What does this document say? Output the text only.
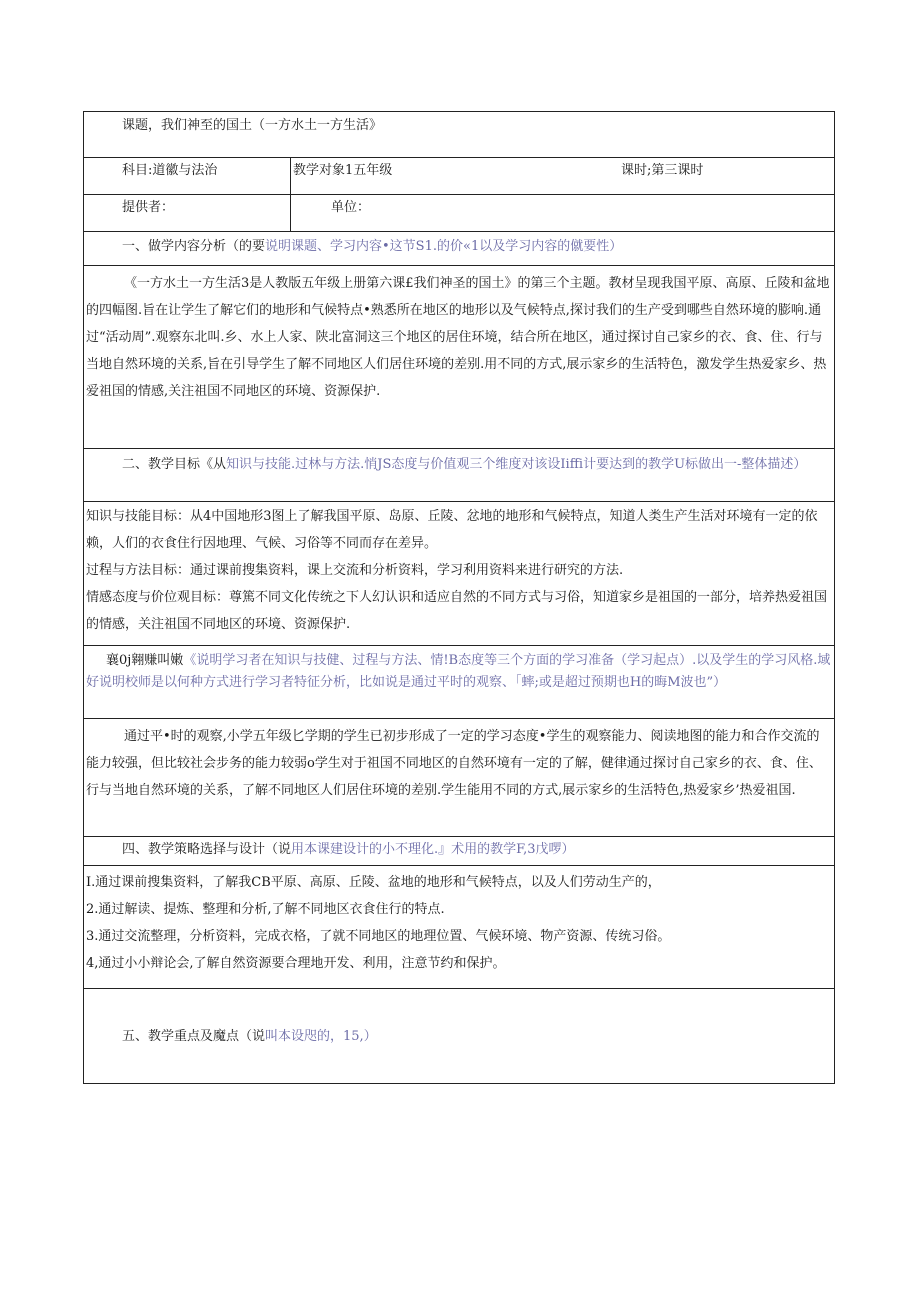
课题，我们神至的国土（一方水土一方生活》
科目:道徽与法治	教学对象1五年级	课时;第三课时
提供者：	单位：
一、做学内容分析（的要说明课题、学习内容•这节S1.的价«1以及学习内容的僦要性）

《一方水土一方生活3是人教版五年级上册第六课£我们神圣的国土》的第三个主题。教材呈现我国平原、高原、丘陵和盆地的四幅图.旨在让学生了解它们的地形和气候特点•熟悉所在地区的地形以及气候特点,探讨我们的生产受到哪些自然环境的膨响.通过“活动周”.观察东北叫.乡、水上人家、陕北富洞这三个地区的居住环境，结合所在地区，通过探讨自己家乡的衣、食、住、行与当地自然环境的关系,旨在引导学生了解不同地区人们居住环境的差别.用不同的方式,展示家乡的生活特色，激发学生热爱家乡、热爱祖国的情感,关注祖国不同地区的环境、资源保护.

二、教学目标《从知识与技能.过林与方法.悄JS态度与价值观三个维度对该设Iiffi计要达到的教学U标做出一-整体描述）

知识与技能目标：从4中国地形3图上了解我国平原、岛原、丘陵、忿地的地形和气候特点，知道人类生产生活对环境有一定的依赖，人们的衣食住行因地理、气候、习俗等不同而存在差异。

过程与方法目标：通过课前搜集资料，课上交流和分析资料，学习利用资料来进行研究的方法.

情感态度与价位观目标：尊篤不同文化传统之下人幻认识和适应自然的不同方式与习俗，知道家乡是祖国的一部分，培养热爱祖国的情感，关注祖国不同地区的环境、资源保护.

襄0j翱赚叫嫩《说明学习者在知识与技健、过程与方法、情!B态度等三个方面的学习准备（学习起点）.以及学生的学习风格.域好说明校师是以何种方式进行学习者特征分析，比如说是通过平时的观察、「蟀;或是超过预期也H的晦M波也”）

通过平•时的观察,小学五年级匕学期的学生已初步形成了一定的学习态度•学生的观察能力、阅读地图的能力和合作交流的能力较强，但比较社会步务的能力较弱o学生对于祖国不同地区的自然环境有一定的了解，健律通过探讨自己家乡的衣、食、住、行与当地自然环境的关系，了解不同地区人们居住环境的差别.学生能用不同的方式,展示家乡的生活特色,热爱家乡’热爱祖国.

四、教学策略选择与设计（说用本课建设计的小不理化.』术用的教学F,3戊啰）

I.通过课前搜集资料，了解我CB平原、高原、丘陵、盆地的地形和气候特点，以及人们劳动生产的，

2.通过解读、提炼、整理和分析,了解不同地区衣食住行的特点.

3.通过交流整理，分析资料，完成衣格，了就不同地区的地理位置、气候环境、物产资源、传统习俗。

4,通过小小辩论会,了解自然资源要合理地开发、利用，注意节约和保护。

五、教学重点及魔点（说叫本设咫的，15,）
